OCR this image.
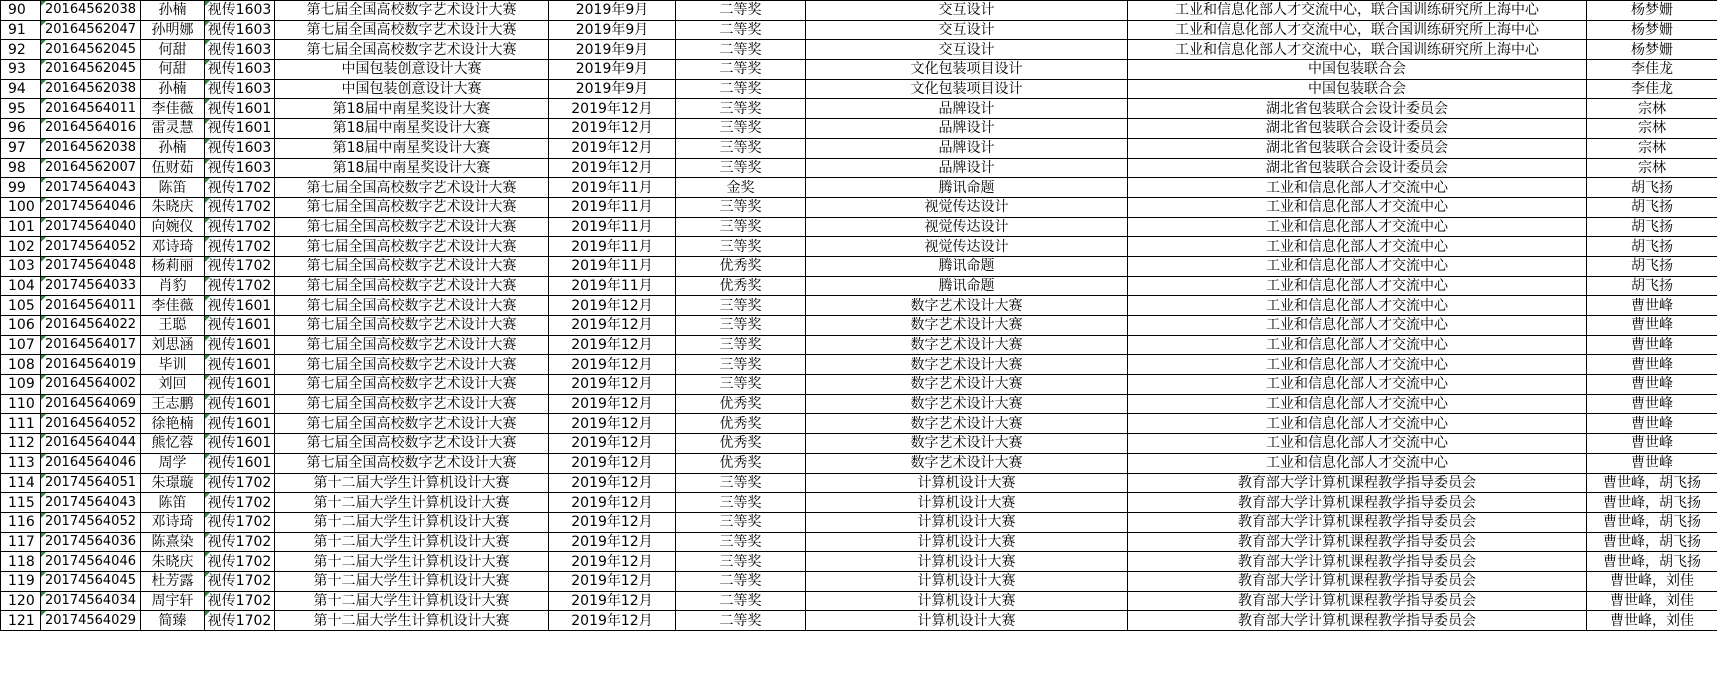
90	20164562038	孙楠	视传1603	第七届全国高校数字艺术设计大赛	2019年9月	二等奖	交互设计	工业和信息化部人才交流中心，联合国训练研究所上海中心	杨梦姗
91	20164562047	孙明娜	视传1603	第七届全国高校数字艺术设计大赛	2019年9月	二等奖	交互设计	工业和信息化部人才交流中心，联合国训练研究所上海中心	杨梦姗
92	20164562045	何甜	视传1603	第七届全国高校数字艺术设计大赛	2019年9月	二等奖	交互设计	工业和信息化部人才交流中心，联合国训练研究所上海中心	杨梦姗
93	20164562045	何甜	视传1603	中国包装创意设计大赛	2019年9月	二等奖	文化包装项目设计	中国包装联合会	李佳龙
94	20164562038	孙楠	视传1603	中国包装创意设计大赛	2019年9月	二等奖	文化包装项目设计	中国包装联合会	李佳龙
95	20164564011	李佳薇	视传1601	第18届中南星奖设计大赛	2019年12月	三等奖	品牌设计	湖北省包装联合会设计委员会	宗林
96	20164564016	雷灵慧	视传1601	第18届中南星奖设计大赛	2019年12月	三等奖	品牌设计	湖北省包装联合会设计委员会	宗林
97	20164562038	孙楠	视传1603	第18届中南星奖设计大赛	2019年12月	三等奖	品牌设计	湖北省包装联合会设计委员会	宗林
98	20164562007	伍财茹	视传1603	第18届中南星奖设计大赛	2019年12月	三等奖	品牌设计	湖北省包装联合会设计委员会	宗林
99	20174564043	陈笛	视传1702	第七届全国高校数字艺术设计大赛	2019年11月	金奖	腾讯命题	工业和信息化部人才交流中心	胡飞扬
100	20174564046	朱晓庆	视传1702	第七届全国高校数字艺术设计大赛	2019年11月	三等奖	视觉传达设计	工业和信息化部人才交流中心	胡飞扬
101	20174564040	向婉仪	视传1702	第七届全国高校数字艺术设计大赛	2019年11月	三等奖	视觉传达设计	工业和信息化部人才交流中心	胡飞扬
102	20174564052	邓诗琦	视传1702	第七届全国高校数字艺术设计大赛	2019年11月	三等奖	视觉传达设计	工业和信息化部人才交流中心	胡飞扬
103	20174564048	杨莉丽	视传1702	第七届全国高校数字艺术设计大赛	2019年11月	优秀奖	腾讯命题	工业和信息化部人才交流中心	胡飞扬
104	20174564033	肖豹	视传1702	第七届全国高校数字艺术设计大赛	2019年11月	优秀奖	腾讯命题	工业和信息化部人才交流中心	胡飞扬
105	20164564011	李佳薇	视传1601	第七届全国高校数字艺术设计大赛	2019年12月	三等奖	数字艺术设计大赛	工业和信息化部人才交流中心	曹世峰
106	20164564022	王聪	视传1601	第七届全国高校数字艺术设计大赛	2019年12月	三等奖	数字艺术设计大赛	工业和信息化部人才交流中心	曹世峰
107	20164564017	刘思涵	视传1601	第七届全国高校数字艺术设计大赛	2019年12月	三等奖	数字艺术设计大赛	工业和信息化部人才交流中心	曹世峰
108	20164564019	毕训	视传1601	第七届全国高校数字艺术设计大赛	2019年12月	三等奖	数字艺术设计大赛	工业和信息化部人才交流中心	曹世峰
109	20164564002	刘回	视传1601	第七届全国高校数字艺术设计大赛	2019年12月	三等奖	数字艺术设计大赛	工业和信息化部人才交流中心	曹世峰
110	20164564069	王志鹏	视传1601	第七届全国高校数字艺术设计大赛	2019年12月	优秀奖	数字艺术设计大赛	工业和信息化部人才交流中心	曹世峰
111	20164564052	徐艳楠	视传1601	第七届全国高校数字艺术设计大赛	2019年12月	优秀奖	数字艺术设计大赛	工业和信息化部人才交流中心	曹世峰
112	20164564044	熊忆蓉	视传1601	第七届全国高校数字艺术设计大赛	2019年12月	优秀奖	数字艺术设计大赛	工业和信息化部人才交流中心	曹世峰
113	20164564046	周学	视传1601	第七届全国高校数字艺术设计大赛	2019年12月	优秀奖	数字艺术设计大赛	工业和信息化部人才交流中心	曹世峰
114	20174564051	朱璟璇	视传1702	第十二届大学生计算机设计大赛	2019年12月	三等奖	计算机设计大赛	教育部大学计算机课程教学指导委员会	曹世峰，胡飞扬
115	20174564043	陈笛	视传1702	第十二届大学生计算机设计大赛	2019年12月	三等奖	计算机设计大赛	教育部大学计算机课程教学指导委员会	曹世峰，胡飞扬
116	20174564052	邓诗琦	视传1702	第十二届大学生计算机设计大赛	2019年12月	三等奖	计算机设计大赛	教育部大学计算机课程教学指导委员会	曹世峰，胡飞扬
117	20174564036	陈熹染	视传1702	第十二届大学生计算机设计大赛	2019年12月	三等奖	计算机设计大赛	教育部大学计算机课程教学指导委员会	曹世峰，胡飞扬
118	20174564046	朱晓庆	视传1702	第十二届大学生计算机设计大赛	2019年12月	三等奖	计算机设计大赛	教育部大学计算机课程教学指导委员会	曹世峰，胡飞扬
119	20174564045	杜芳露	视传1702	第十二届大学生计算机设计大赛	2019年12月	二等奖	计算机设计大赛	教育部大学计算机课程教学指导委员会	曹世峰，刘佳
120	20174564034	周宇轩	视传1702	第十二届大学生计算机设计大赛	2019年12月	二等奖	计算机设计大赛	教育部大学计算机课程教学指导委员会	曹世峰，刘佳
121	20174564029	简臻	视传1702	第十二届大学生计算机设计大赛	2019年12月	二等奖	计算机设计大赛	教育部大学计算机课程教学指导委员会	曹世峰，刘佳
